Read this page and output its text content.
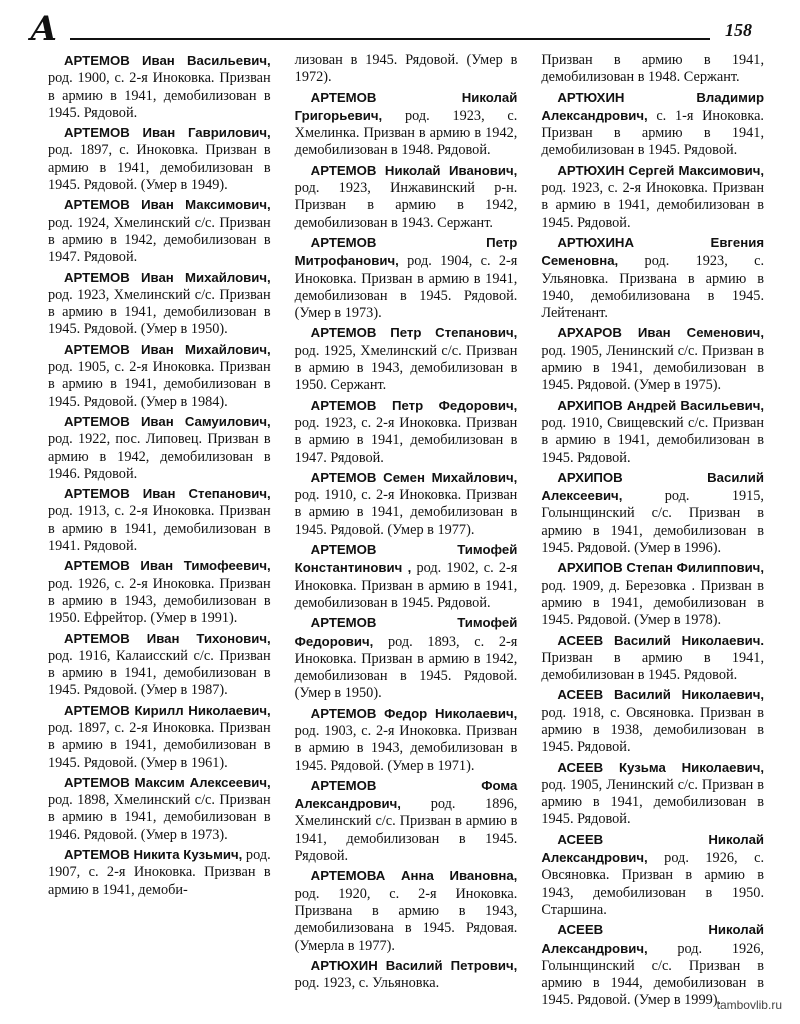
А	158

АРТЕМОВ Иван Васильевич, род. 1900, с. 2-я Иноковка. Призван в армию в 1941, демобилизован в 1945. Рядовой.

АРТЕМОВ Иван Гаврилович, род. 1897, с. Иноковка. Призван в армию в 1941, демобилизован в 1945. Рядовой. (Умер в 1949).

АРТЕМОВ Иван Максимович, род. 1924, Хмелинский с/с. Призван в армию в 1942, демобилизован в 1947. Рядовой.

АРТЕМОВ Иван Михайлович, род. 1923, Хмелинский с/с. Призван в армию в 1941, демобилизован в 1945. Рядовой. (Умер в 1950).

АРТЕМОВ Иван Михайлович, род. 1905, с. 2-я Иноковка. Призван в армию в 1941, демобилизован в 1945. Рядовой. (Умер в 1984).

АРТЕМОВ Иван Самуилович, род. 1922, пос. Липовец. Призван в армию в 1942, демобилизован в 1946. Рядовой.

АРТЕМОВ Иван Степанович, род. 1913, с. 2-я Иноковка. Призван в армию в 1941, демобилизован в 1941. Рядовой.

АРТЕМОВ Иван Тимофеевич, род. 1926, с. 2-я Иноковка. Призван в армию в 1943, демобилизован в 1950. Ефрейтор. (Умер в 1991).

АРТЕМОВ Иван Тихонович, род. 1916, Калаисский с/с. Призван в армию в 1941, демобилизован в 1945. Рядовой. (Умер в 1987).

АРТЕМОВ Кирилл Николаевич, род. 1897, с. 2-я Иноковка. Призван в армию в 1941, демобилизован в 1945. Рядовой. (Умер в 1961).

АРТЕМОВ Максим Алексеевич, род. 1898, Хмелинский с/с. Призван в армию в 1941, демобилизован в 1946. Рядовой. (Умер в 1973).

АРТЕМОВ Никита Кузьмич, род. 1907, с. 2-я Иноковка. Призван в армию в 1941, демоби-

лизован в 1945. Рядовой. (Умер в 1972).

АРТЕМОВ Николай Григорьевич, род. 1923, с. Хмелинка. Призван в армию в 1942, демобилизован в 1948. Рядовой.

АРТЕМОВ Николай Иванович, род. 1923, Инжавинский р-н. Призван в армию в 1942, демобилизован в 1943. Сержант.

АРТЕМОВ Петр Митрофанович, род. 1904, с. 2-я Иноковка. Призван в армию в 1941, демобилизован в 1945. Рядовой. (Умер в 1973).

АРТЕМОВ Петр Степанович, род. 1925, Хмелинский с/с. Призван в армию в 1943, демобилизован в 1950. Сержант.

АРТЕМОВ Петр Федорович, род. 1923, с. 2-я Иноковка. Призван в армию в 1941, демобилизован в 1947. Рядовой.

АРТЕМОВ Семен Михайлович, род. 1910, с. 2-я Иноковка. Призван в армию в 1941, демобилизован в 1945. Рядовой. (Умер в 1977).

АРТЕМОВ Тимофей Константинович , род. 1902, с. 2-я Иноковка. Призван в армию в 1941, демобилизован в 1945. Рядовой.

АРТЕМОВ Тимофей Федорович, род. 1893, с. 2-я Иноковка. Призван в армию в 1942, демобилизован в 1945. Рядовой. (Умер в 1950).

АРТЕМОВ Федор Николаевич, род. 1903, с. 2-я Иноковка. Призван в армию в 1943, демобилизован в 1945. Рядовой. (Умер в 1971).

АРТЕМОВ Фома Александрович, род. 1896, Хмелинский с/с. Призван в армию в 1941, демобилизован в 1945. Рядовой.

АРТЕМОВА Анна Ивановна, род. 1920, с. 2-я Иноковка. Призвана в армию в 1943, демобилизована в 1945. Рядовая. (Умерла в 1977).

АРТЮХИН Василий Петрович, род. 1923, с. Ульяновка.

Призван в армию в 1941, демобилизован в 1948. Сержант.

АРТЮХИН Владимир Александрович, с. 1-я Иноковка. Призван в армию в 1941, демобилизован в 1945. Рядовой.

АРТЮХИН Сергей Максимович, род. 1923, с. 2-я Иноковка. Призван в армию в 1941, демобилизован в 1945. Рядовой.

АРТЮХИНА Евгения Семеновна, род. 1923, с. Ульяновка. Призвана в армию в 1940, демобилизована в 1945. Лейтенант.

АРХАРОВ Иван Семенович, род. 1905, Ленинский с/с. Призван в армию в 1941, демобилизован в 1945. Рядовой. (Умер в 1975).

АРХИПОВ Андрей Васильевич, род. 1910, Свищевский с/с. Призван в армию в 1941, демобилизован в 1945. Рядовой.

АРХИПОВ Василий Алексеевич, род. 1915, Голынщинский с/с. Призван в армию в 1941, демобилизован в 1945. Рядовой. (Умер в 1996).

АРХИПОВ Степан Филиппович, род. 1909, д. Березовка . Призван в армию в 1941, демобилизован в 1945. Рядовой. (Умер в 1978).

АСЕЕВ Василий Николаевич. Призван в армию в 1941, демобилизован в 1945. Рядовой.

АСЕЕВ Василий Николаевич, род. 1918, с. Овсяновка. Призван в армию в 1938, демобилизован в 1945. Рядовой.

АСЕЕВ Кузьма Николаевич, род. 1905, Ленинский с/с. Призван в армию в 1941, демобилизован в 1945. Рядовой.

АСЕЕВ Николай Александрович, род. 1926, с. Овсяновка. Призван в армию в 1943, демобилизован в 1950. Старшина.

АСЕЕВ Николай Александрович, род. 1926, Голынщинский с/с. Призван в армию в 1944, демобилизован в 1945. Рядовой. (Умер в 1999).

tambovlib.ru
